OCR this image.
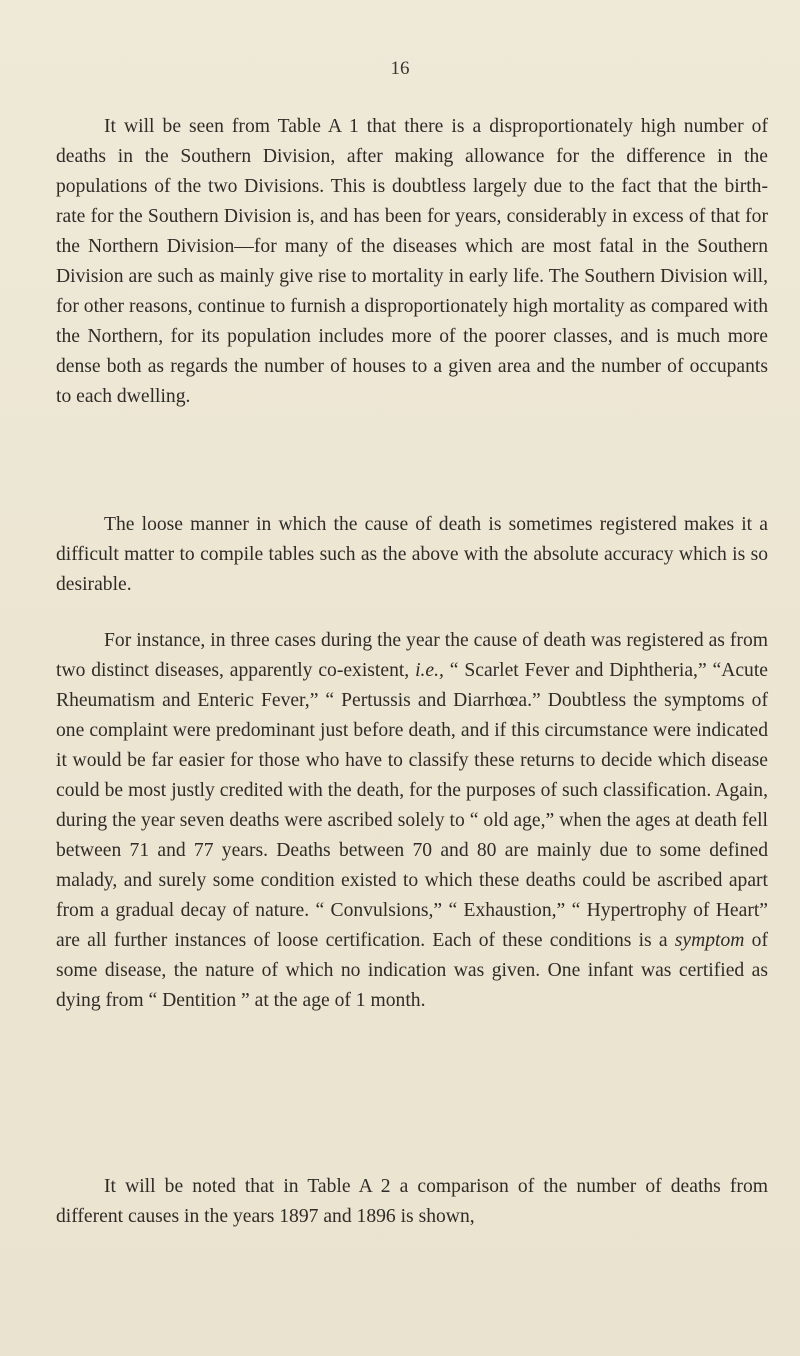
16

It will be seen from Table A 1 that there is a disproportionately high number of deaths in the Southern Division, after making allowance for the difference in the populations of the two Divisions. This is doubtless largely due to the fact that the birth-rate for the Southern Division is, and has been for years, considerably in excess of that for the Northern Division—for many of the diseases which are most fatal in the Southern Division are such as mainly give rise to mortality in early life. The Southern Division will, for other reasons, continue to furnish a disproportionately high mortality as compared with the Northern, for its population includes more of the poorer classes, and is much more dense both as regards the number of houses to a given area and the number of occupants to each dwelling.

The loose manner in which the cause of death is sometimes registered makes it a difficult matter to compile tables such as the above with the absolute accuracy which is so desirable.

For instance, in three cases during the year the cause of death was registered as from two distinct diseases, apparently co-existent, i.e., “ Scarlet Fever and Diphtheria,” “Acute Rheumatism and Enteric Fever,” “ Pertussis and Diarrhœa.” Doubtless the symptoms of one complaint were predominant just before death, and if this circumstance were indicated it would be far easier for those who have to classify these returns to decide which disease could be most justly credited with the death, for the purposes of such classification. Again, during the year seven deaths were ascribed solely to “ old age,” when the ages at death fell between 71 and 77 years. Deaths between 70 and 80 are mainly due to some defined malady, and surely some condition existed to which these deaths could be ascribed apart from a gradual decay of nature. “ Convulsions,” “ Exhaustion,” “ Hypertrophy of Heart” are all further instances of loose certification. Each of these conditions is a symptom of some disease, the nature of which no indication was given. One infant was certified as dying from “ Dentition ” at the age of 1 month.

It will be noted that in Table A 2 a comparison of the number of deaths from different causes in the years 1897 and 1896 is shown,
